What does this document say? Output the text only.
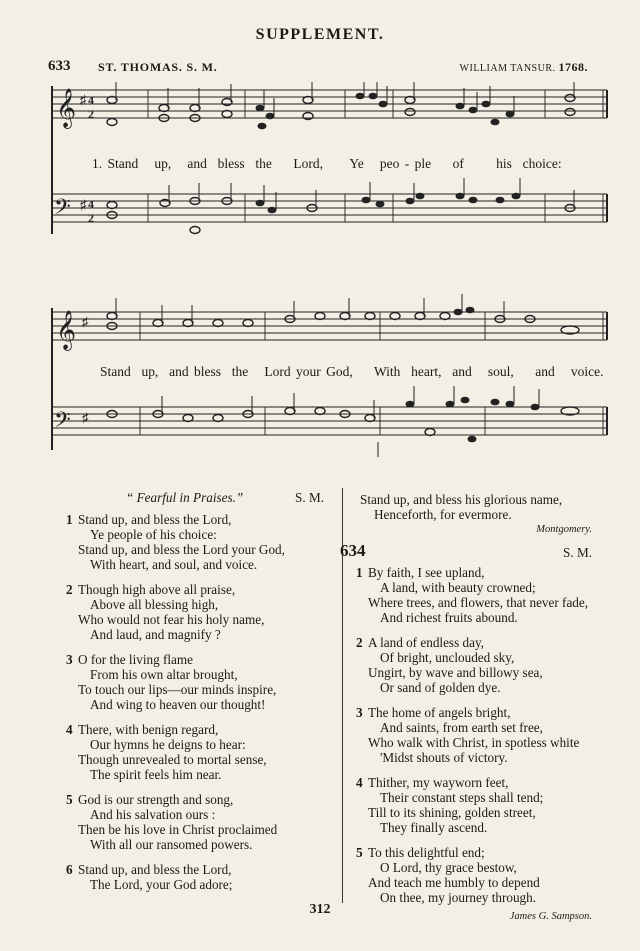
SUPPLEMENT.
633 ST. THOMAS. S. M.	WILLIAM TANSUR. 1768.
𝄞 ♯ 4
2
𝄢 ♯ 4
2
1. Stand   up,   and  bless  the    Lord,     Ye   peo - ple    of      his  choice:
𝄞 ♯
𝄢 ♯
Stand  up,  and bless  the   Lord your God,    With  heart,  and   soul,    and   voice.
“ Fearful in Praises.”	S. M.
1 Stand up, and bless the Lord,
Ye people of his choice:
Stand up, and bless the Lord your God,
With heart, and soul, and voice.
2 Though high above all praise,
Above all blessing high,
Who would not fear his holy name,
And laud, and magnify ?
3 O for the living flame
From his own altar brought,
To touch our lips—our minds inspire,
And wing to heaven our thought!
4 There, with benign regard,
Our hymns he deigns to hear:
Though unrevealed to mortal sense,
The spirit feels him near.
5 God is our strength and song,
And his salvation ours :
Then be his love in Christ proclaimed
With all our ransomed powers.
6 Stand up, and bless the Lord,
The Lord, your God adore;
Stand up, and bless his glorious name,
Henceforth, for evermore.
Montgomery.
634	S. M.
1 By faith, I see upland,
A land, with beauty crowned;
Where trees, and flowers, that never fade,
And richest fruits abound.
2 A land of endless day,
Of bright, unclouded sky,
Ungirt, by wave and billowy sea,
Or sand of golden dye.
3 The home of angels bright,
And saints, from earth set free,
Who walk with Christ, in spotless white
'Midst shouts of victory.
4 Thither, my wayworn feet,
Their constant steps shall tend;
Till to its shining, golden street,
They finally ascend.
5 To this delightful end;
O Lord, thy grace bestow,
And teach me humbly to depend
On thee, my journey through.
James G. Sampson.
312
